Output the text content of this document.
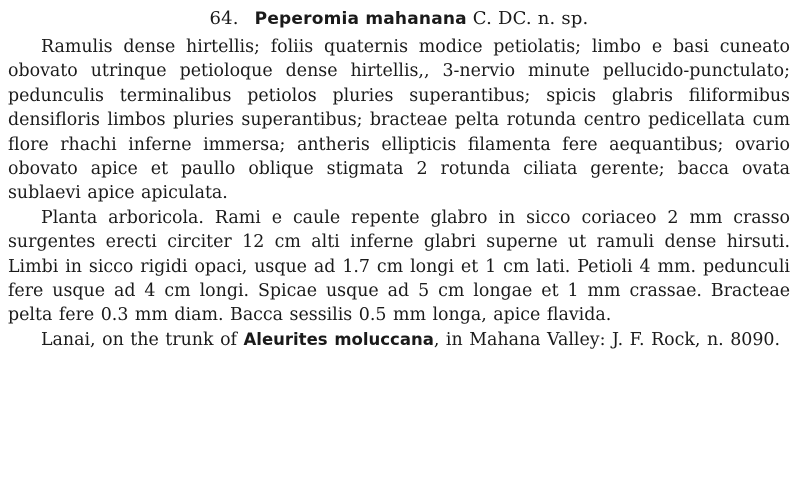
64. Peperomia mahanana C. DC. n. sp.

Ramulis dense hirtellis; foliis quaternis modice petiolatis; limbo e basi cuneato obovato utrinque petioloque dense hirtellis,, 3-nervio minute pellucido-punctulato; pedunculis terminalibus petiolos pluries superantibus; spicis glabris filiformibus densifloris limbos pluries superantibus; bracteae pelta rotunda centro pedicellata cum flore rhachi inferne immersa; antheris ellipticis filamenta fere aequantibus; ovario obovato apice et paullo oblique stigmata 2 rotunda ciliata gerente; bacca ovata sublaevi apice apiculata.

Planta arboricola. Rami e caule repente glabro in sicco coriaceo 2 mm crasso surgentes erecti circiter 12 cm alti inferne glabri superne ut ramuli dense hirsuti. Limbi in sicco rigidi opaci, usque ad 1.7 cm longi et 1 cm lati. Petioli 4 mm. pedunculi fere usque ad 4 cm longi. Spicae usque ad 5 cm longae et 1 mm crassae. Bracteae pelta fere 0.3 mm diam. Bacca sessilis 0.5 mm longa, apice flavida.

Lanai, on the trunk of Aleurites moluccana, in Mahana Valley: J. F. Rock, n. 8090.
